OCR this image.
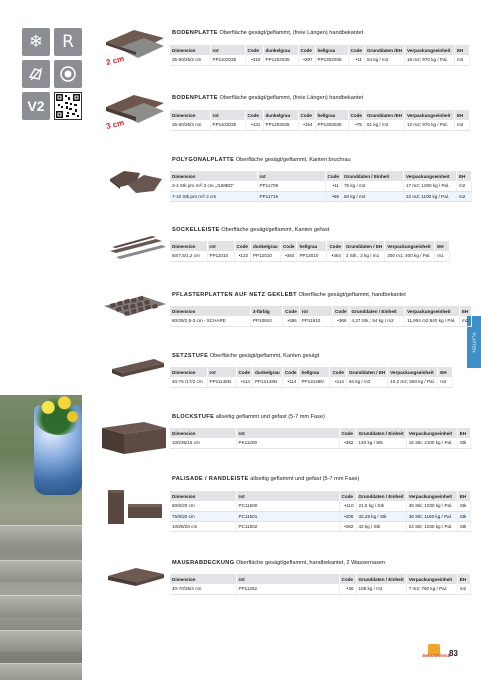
❄	R
V2
PLATTEN
2 cm
BODENPLATTE Oberfläche gesägt/geflammt, (freie Längen) handbekantet
Dimension	rot	Code	dunkelgrau	Code	hellgrau	Code	Grunddaten /EH	Verpackungseinheit	EH
35-60/35/2 cm	PP1102035	•319	PP1202035	•297	PP1302035	•11	54 kg / m2	18 m2; 970 kg / Pal.	m2
3 cm
BODENPLATTE Oberfläche gesägt/geflammt, (freie Längen) handbekantet
Dimension	rot	Code	dunkelgrau	Code	hellgrau	Code	Grunddaten /EH	Verpackungseinheit	EH
35-60/35/3 cm	PP1103035	•131	PP1203035	•154	PP1303035	•75	81 kg / m2	12 m2; 970 kg / Pal.	m2
POLYGONALPLATTE Oberfläche gesägt/geflammt, Kanten bruchrau
Dimension	rot	Code	Grunddaten / Einheit	Verpackungseinheit	EH
3-4 Stk.pro m²/ 3 cm „JUMBO“	PP11709	•11	76 kg / m2	17 m2; 1290 kg / Pal.	m2
7-10 Stk.pro m²/ 2 cm	PP11719	•59	50 kg / m2	22 m2; 1100 kg / Pal.	m2
SOCKELLEISTE Oberfläche gesägt/geflammt, Kanten gefast
Dimension	rot	Code	dunkelgrau	Code	hellgrau	Code	Grunddaten / EH	Verpackungseinheit	EH
50/7,5/1,2 cm	PP11010	•123	PP12010	•364	PP13010	•364	2 Stk.; 2 kg / m1	200 m1; 400 kg / Pal.	m1
PFLASTERPLATTEN AUF NETZ GEKLEBT Oberfläche gesägt/geflammt, handbekantet
Dimension	3-färbig	Code	rot	Code	Grunddaten / Einheit	Verpackungseinheit	EH
60/39/2,5-3 cm - SCHARE	PP10910	•366	PP11910	•366	4,27 Stk.; 54 kg / m2	11,904 m2;640 kg / Pal.	m2
SETZSTUFE Oberfläche gesägt/geflammt, Kanten gesägt
Dimension	rot	Code	dunkelgrau	Code	hellgrau	Code	Grunddaten / EH	Verpackungseinheit	EH
40-75 /17/2 cm	PP11148N	•114	PP12148N	•114	PP13148N	•114	54 kg / m2	10,2 m2; 550 kg / Pal.	m2
BLOCKSTUFE allseitig geflammt und gefast (5-7 mm Fase)
Dimension	rot	Code	Grunddaten / Einheit	Verpackungseinheit	EH
100/35/15 cm	PK11200	•352	140 kg / Stk	15 Stk; 2100 kg / Pal.	Stk
PALISADE / RANDLEISTE allseitig geflammt und gefast (5-7 mm Fase)
Dimension	rot	Code	Grunddaten / Einheit	Verpackungseinheit	EH
50/8/20 cm	PC11500	•110	21,5 kg / Stk	48 Stk; 1030 kg / Pal.	Stk
75/8/20 cm	PC11501	•206	32,25 kg / Stk	36 Stk; 1160 kg / Pal.	Stk
100/8/20 cm	PC11502	•382	43 kg / Stk	24 Stk; 1030 kg / Pal.	Stk
MAUERABDECKUNG Oberfläche gesägt/geflammt, handbekantet, 2 Wassernasen
Dimension	rot	Code	Grunddaten / Einheit	Verpackungseinheit	EH
40-70/35/4 cm	PP11252	•36	108 kg / m2	7 m2; 760 kg / Pal.	m2
Semmelrock
83
